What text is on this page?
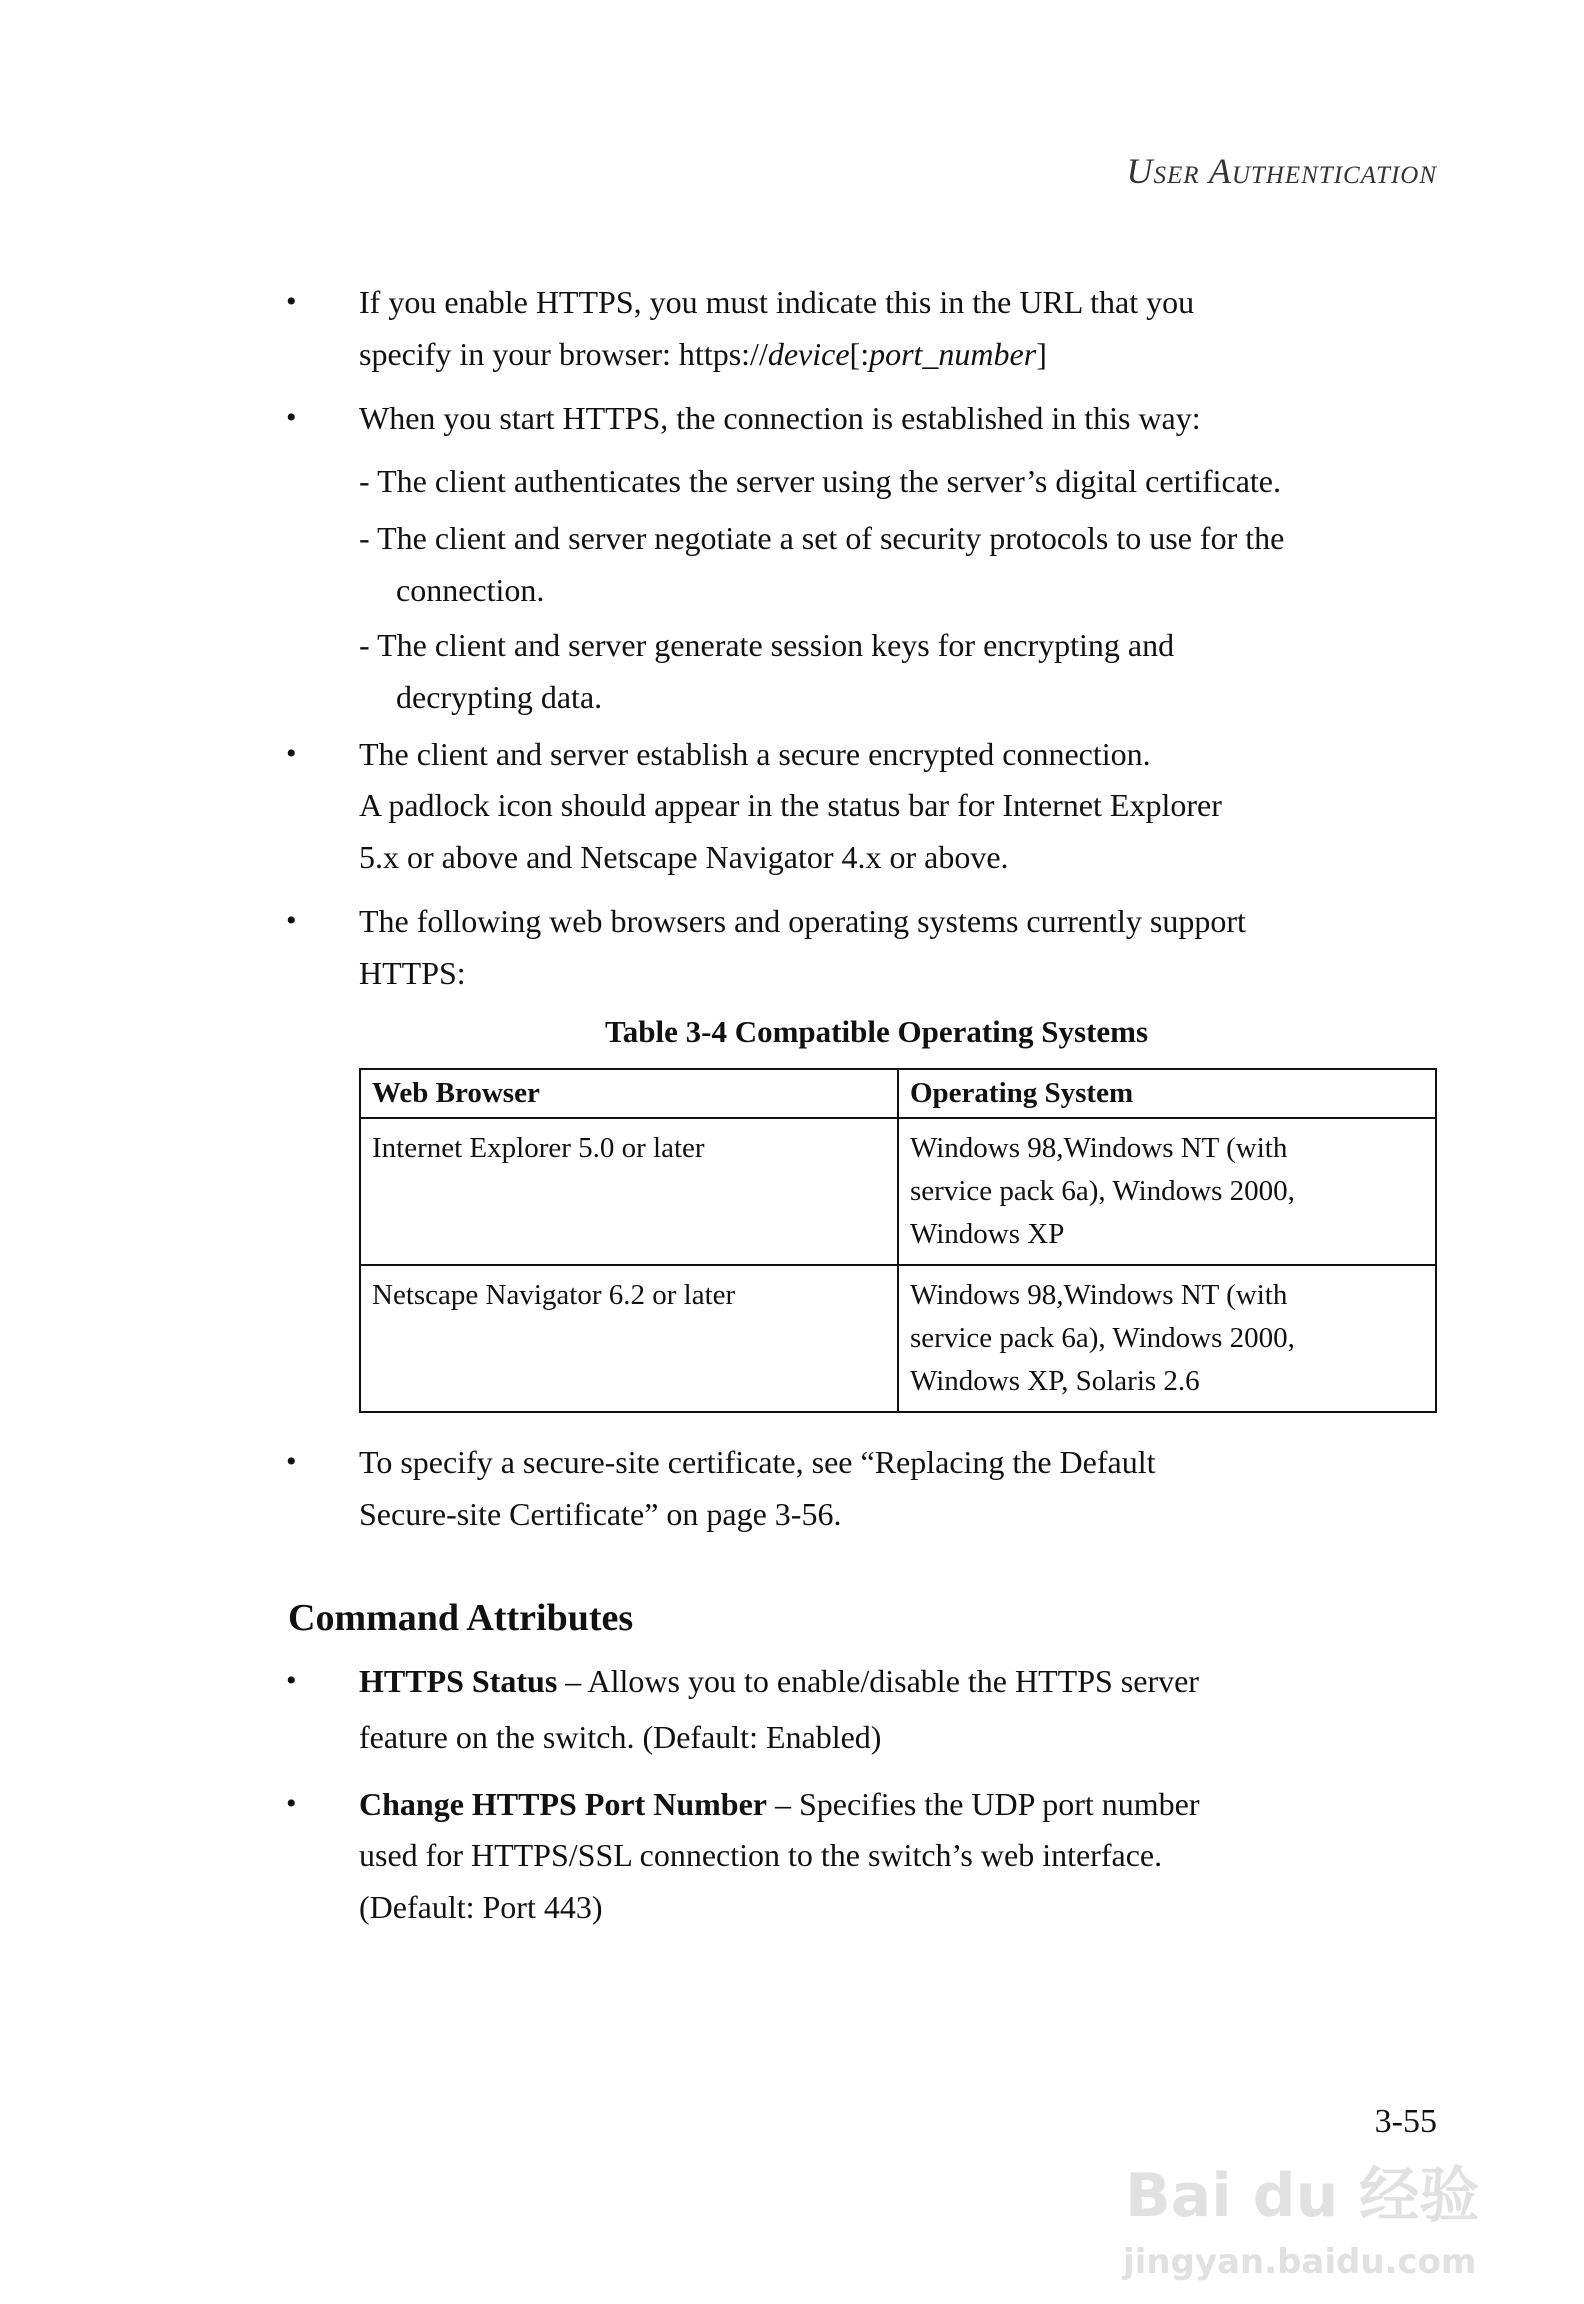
User Authentication
• If you enable HTTPS, you must indicate this in the URL that you
specify in your browser: https://device[:port_number]
• When you start HTTPS, the connection is established in this way:
- The client authenticates the server using the server’s digital certificate.
- The client and server negotiate a set of security protocols to use for the
connection.
- The client and server generate session keys for encrypting and
decrypting data.
• The client and server establish a secure encrypted connection.
A padlock icon should appear in the status bar for Internet Explorer
5.x or above and Netscape Navigator 4.x or above.
• The following web browsers and operating systems currently support
HTTPS:
Table 3-4 Compatible Operating Systems
Web Browser	Operating System
Internet Explorer 5.0 or later	Windows 98,Windows NT (with
service pack 6a), Windows 2000,
Windows XP

Netscape Navigator 6.2 or later	Windows 98,Windows NT (with
service pack 6a), Windows 2000,
Windows XP, Solaris 2.6
• To specify a secure-site certificate, see “Replacing the Default
Secure-site Certificate” on page 3-56.
Command Attributes
• HTTPS Status – Allows you to enable/disable the HTTPS server
feature on the switch. (Default: Enabled)
• Change HTTPS Port Number – Specifies the UDP port number
used for HTTPS/SSL connection to the switch’s web interface.
(Default: Port 443)
3-55
Bai du 经验
jingyan.baidu.com
